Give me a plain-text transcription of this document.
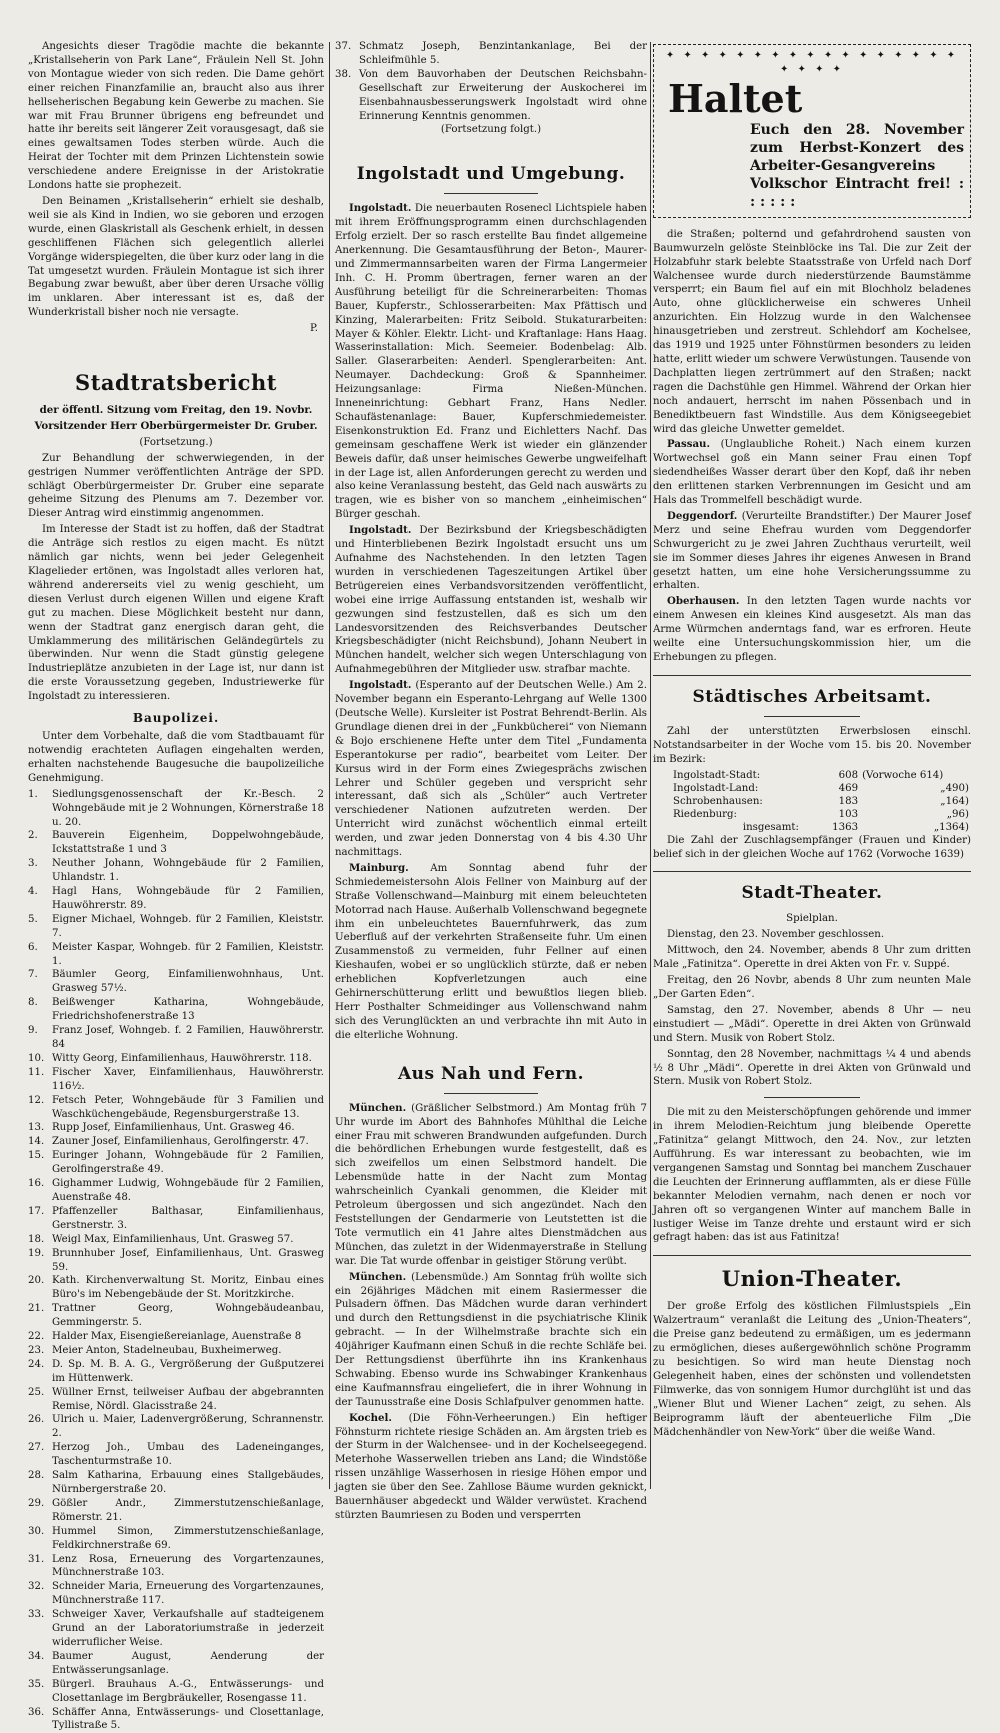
Angesichts dieser Tragödie machte die bekannte „Kristallseherin von Park Lane“, Fräulein Nell St. John von Montague wieder von sich reden. Die Dame gehört einer reichen Finanzfamilie an, braucht also aus ihrer hellseherischen Begabung kein Gewerbe zu machen. Sie war mit Frau Brunner übrigens eng befreundet und hatte ihr bereits seit längerer Zeit vorausgesagt, daß sie eines gewaltsamen Todes sterben würde. Auch die Heirat der Tochter mit dem Prinzen Lichtenstein sowie verschiedene andere Ereignisse in der Aristokratie Londons hatte sie prophezeit.

Den Beinamen „Kristallseherin“ erhielt sie deshalb, weil sie als Kind in Indien, wo sie geboren und erzogen wurde, einen Glaskristall als Geschenk erhielt, in dessen geschliffenen Flächen sich gelegentlich allerlei Vorgänge widerspiegelten, die über kurz oder lang in die Tat umgesetzt wurden. Fräulein Montague ist sich ihrer Begabung zwar bewußt, aber über deren Ursache völlig im unklaren. Aber interessant ist es, daß der Wunderkristall bisher noch nie versagte.

P.
Stadtratsbericht

der öffentl. Sitzung vom Freitag, den 19. Novbr.

Vorsitzender Herr Oberbürgermeister Dr. Gruber.

(Fortsetzung.)

Zur Behandlung der schwerwiegenden, in der gestrigen Nummer veröffentlichten Anträge der SPD. schlägt Oberbürgermeister Dr. Gruber eine separate geheime Sitzung des Plenums am 7. Dezember vor. Dieser Antrag wird einstimmig angenommen.

Im Interesse der Stadt ist zu hoffen, daß der Stadtrat die Anträge sich restlos zu eigen macht. Es nützt nämlich gar nichts, wenn bei jeder Gelegenheit Klagelieder ertönen, was Ingolstadt alles verloren hat, während andererseits viel zu wenig geschieht, um diesen Verlust durch eigenen Willen und eigene Kraft gut zu machen. Diese Möglichkeit besteht nur dann, wenn der Stadtrat ganz energisch daran geht, die Umklammerung des militärischen Geländegürtels zu überwinden. Nur wenn die Stadt günstig gelegene Industrieplätze anzubieten in der Lage ist, nur dann ist die erste Voraussetzung gegeben, Industriewerke für Ingolstadt zu interessieren.

Baupolizei.

Unter dem Vorbehalte, daß die vom Stadtbauamt für notwendig erachteten Auflagen eingehalten werden, erhalten nachstehende Baugesuche die baupolizeiliche Genehmigung.

1.	Siedlungsgenossenschaft der Kr.-Besch. 2 Wohngebäude mit je 2 Wohnungen, Körnerstraße 18 u. 20.
2.	Bauverein Eigenheim, Doppelwohngebäude, Ickstattstraße 1 und 3
3.	Neuther Johann, Wohngebäude für 2 Familien, Uhlandstr. 1.
4.	Hagl Hans, Wohngebäude für 2 Familien, Hauwöhrerstr. 89.
5.	Eigner Michael, Wohngeb. für 2 Familien, Kleiststr. 7.
6.	Meister Kaspar, Wohngeb. für 2 Familien, Kleiststr. 1.
7.	Bäumler Georg, Einfamilienwohnhaus, Unt. Grasweg 57½.
8.	Beißwenger Katharina, Wohngebäude, Friedrichshofenerstraße 13
9.	Franz Josef, Wohngeb. f. 2 Familien, Hauwöhrerstr. 84
10. Witty Georg, Einfamilienhaus, Hauwöhrerstr. 118.
11. Fischer Xaver, Einfamilienhaus, Hauwöhrerstr. 116½.
12. Fetsch Peter, Wohngebäude für 3 Familien und Waschküchengebäude, Regensburgerstraße 13.
13. Rupp Josef, Einfamilienhaus, Unt. Grasweg 46.
14. Zauner Josef, Einfamilienhaus, Gerolfingerstr. 47.
15. Euringer Johann, Wohngebäude für 2 Familien, Gerolfingerstraße 49.
16. Gighammer Ludwig, Wohngebäude für 2 Familien, Auenstraße 48.
17. Pfaffenzeller Balthasar, Einfamilienhaus, Gerstnerstr. 3.
18. Weigl Max, Einfamilienhaus, Unt. Grasweg 57.
19. Brunnhuber Josef, Einfamilienhaus, Unt. Grasweg 59.
20. Kath. Kirchenverwaltung St. Moritz, Einbau eines Büro's im Nebengebäude der St. Moritzkirche.
21. Trattner Georg, Wohngebäudeanbau, Gemmingerstr. 5.
22. Halder Max, Eisengießereianlage, Auenstraße 8
23. Meier Anton, Stadelneubau, Buxheimerweg.
24. D. Sp. M. B. A. G., Vergrößerung der Gußputzerei im Hüttenwerk.
25. Wüllner Ernst, teilweiser Aufbau der abgebrannten Remise, Nördl. Glacisstraße 24.
26. Ulrich u. Maier, Ladenvergrößerung, Schrannenstr. 2.
27. Herzog Joh., Umbau des Ladeneinganges, Taschenturmstraße 10.
28. Salm Katharina, Erbauung eines Stallgebäudes, Nürnbergerstraße 20.
29. Gößler Andr., Zimmerstutzenschießanlage, Römerstr. 21.
30. Hummel Simon, Zimmerstutzenschießanlage, Feldkirchnerstraße 69.
31. Lenz Rosa, Erneuerung des Vorgartenzaunes, Münchnerstraße 103.
32. Schneider Maria, Erneuerung des Vorgartenzaunes, Münchnerstraße 117.
33. Schweiger Xaver, Verkaufshalle auf stadteigenem Grund an der Laboratoriumstraße in jederzeit widerruflicher Weise.
34. Baumer August, Aenderung der Entwässerungsanlage.
35. Bürgerl. Brauhaus A.-G., Entwässerungs- und Closettanlage im Bergbräukeller, Rosengasse 11.
36. Schäffer Anna, Entwässerungs- und Closettanlage, Tyllistraße 5.
37. Schmatz Joseph, Benzintankanlage, Bei der Schleifmühle 5.
38. Von dem Bauvorhaben der Deutschen Reichsbahn-Gesellschaft zur Erweiterung der Auskocherei im Eisenbahnausbesserungswerk Ingolstadt wird ohne Erinnerung Kenntnis genommen.

(Fortsetzung folgt.)

Ingolstadt und Umgebung.

Ingolstadt. Die neuerbauten Rosenecl Lichtspiele haben mit ihrem Eröffnungsprogramm einen durchschlagenden Erfolg erzielt. Der so rasch erstellte Bau findet allgemeine Anerkennung. Die Gesamtausführung der Beton-, Maurer- und Zimmermannsarbeiten waren der Firma Langermeier Inh. C. H. Promm übertragen, ferner waren an der Ausführung beteiligt für die Schreinerarbeiten: Thomas Bauer, Kupferstr., Schlosserarbeiten: Max Pfättisch und Kinzing, Malerarbeiten: Fritz Seibold. Stukaturarbeiten: Mayer & Köhler. Elektr. Licht- und Kraftanlage: Hans Haag. Wasserinstallation: Mich. Seemeier. Bodenbelag: Alb. Saller. Glaserarbeiten: Aenderl. Spenglerarbeiten: Ant. Neumayer. Dachdeckung: Groß & Spannheimer. Heizungsanlage: Firma Nießen-München. Inneneinrichtung: Gebhart Franz, Hans Nedler. Schaufästenanlage: Bauer, Kupferschmiedemeister. Eisenkonstruktion Ed. Franz und Eichletters Nachf. Das gemeinsam geschaffene Werk ist wieder ein glänzender Beweis dafür, daß unser heimisches Gewerbe ungweifelhaft in der Lage ist, allen Anforderungen gerecht zu werden und also keine Veranlassung besteht, das Geld nach auswärts zu tragen, wie es bisher von so manchem „einheimischen“ Bürger geschah.

Ingolstadt. Der Bezirksbund der Kriegsbeschädigten und Hinterbliebenen Bezirk Ingolstadt ersucht uns um Aufnahme des Nachstehenden. In den letzten Tagen wurden in verschiedenen Tageszeitungen Artikel über Betrügereien eines Verbandsvorsitzenden veröffentlicht, wobei eine irrige Auffassung entstanden ist, weshalb wir gezwungen sind festzustellen, daß es sich um den Landesvorsitzenden des Reichsverbandes Deutscher Kriegsbeschädigter (nicht Reichsbund), Johann Neubert in München handelt, welcher sich wegen Unterschlagung von Aufnahmegebühren der Mitglieder usw. strafbar machte.

Ingolstadt. (Esperanto auf der Deutschen Welle.) Am 2. November begann ein Esperanto-Lehrgang auf Welle 1300 (Deutsche Welle). Kursleiter ist Postrat Behrendt-Berlin. Als Grundlage dienen drei in der „Funkbücherei“ von Niemann & Bojo erschienene Hefte unter dem Titel „Fundamenta Esperantokurse per radio“, bearbeitet vom Leiter. Der Kursus wird in der Form eines Zwiegesprächs zwischen Lehrer und Schüler gegeben und verspricht sehr interessant, daß sich als „Schüler“ auch Vertreter verschiedener Nationen aufzutreten werden. Der Unterricht wird zunächst wöchentlich einmal erteilt werden, und zwar jeden Donnerstag von 4 bis 4.30 Uhr nachmittags.

Mainburg. Am Sonntag abend fuhr der Schmiedemeistersohn Alois Fellner von Mainburg auf der Straße Vollenschwand—Mainburg mit einem beleuchteten Motorrad nach Hause. Außerhalb Vollenschwand begegnete ihm ein unbeleuchtetes Bauernfuhrwerk, das zum Ueberfluß auf der verkehrten Straßenseite fuhr. Um einen Zusammenstoß zu vermeiden, fuhr Fellner auf einen Kieshaufen, wobei er so unglücklich stürzte, daß er neben erheblichen Kopfverletzungen auch eine Gehirnerschütterung erlitt und bewußtlos liegen blieb. Herr Posthalter Schmeidinger aus Vollenschwand nahm sich des Verunglückten an und verbrachte ihn mit Auto in die elterliche Wohnung.

Aus Nah und Fern.

München. (Gräßlicher Selbstmord.) Am Montag früh 7 Uhr wurde im Abort des Bahnhofes Mühlthal die Leiche einer Frau mit schweren Brandwunden aufgefunden. Durch die behördlichen Erhebungen wurde festgestellt, daß es sich zweifellos um einen Selbstmord handelt. Die Lebensmüde hatte in der Nacht zum Montag wahrscheinlich Cyankali genommen, die Kleider mit Petroleum übergossen und sich angezündet. Nach den Feststellungen der Gendarmerie von Leutstetten ist die Tote vermutlich ein 41 Jahre altes Dienstmädchen aus München, das zuletzt in der Widenmayerstraße in Stellung war. Die Tat wurde offenbar in geistiger Störung verübt.

München. (Lebensmüde.) Am Sonntag früh wollte sich ein 26jähriges Mädchen mit einem Rasiermesser die Pulsadern öffnen. Das Mädchen wurde daran verhindert und durch den Rettungsdienst in die psychiatrische Klinik gebracht. — In der Wilhelmstraße brachte sich ein 40jähriger Kaufmann einen Schuß in die rechte Schläfe bei. Der Rettungsdienst überführte ihn ins Krankenhaus Schwabing. Ebenso wurde ins Schwabinger Krankenhaus eine Kaufmannsfrau eingeliefert, die in ihrer Wohnung in der Taunusstraße eine Dosis Schlafpulver genommen hatte.

Kochel. (Die Föhn-Verheerungen.) Ein heftiger Föhnsturm richtete riesige Schäden an. Am ärgsten trieb es der Sturm in der Walchensee- und in der Kochelseegegend. Meterhohe Wasserwellen trieben ans Land; die Windstöße rissen unzählige Wasserhosen in riesige Höhen empor und jagten sie über den See. Zahllose Bäume wurden geknickt, Bauernhäuser abgedeckt und Wälder verwüstet. Krachend stürzten Baumriesen zu Boden und versperrten

✦ ✦ ✦ ✦ ✦ ✦ ✦ ✦ ✦ ✦ ✦ ✦ ✦ ✦ ✦ ✦ ✦ ✦ ✦ ✦ ✦
Haltet
Euch den 28. November zum Herbst-Konzert des Arbeiter-Gesangvereins Volkschor Eintracht frei! : : : : : :

die Straßen; polternd und gefahrdrohend sausten von Baumwurzeln gelöste Steinblöcke ins Tal. Die zur Zeit der Holzabfuhr stark belebte Staatsstraße von Urfeld nach Dorf Walchensee wurde durch niederstürzende Baumstämme versperrt; ein Baum fiel auf ein mit Blochholz beladenes Auto, ohne glücklicherweise ein schweres Unheil anzurichten. Ein Holzzug wurde in den Walchensee hinausgetrieben und zerstreut. Schlehdorf am Kochelsee, das 1919 und 1925 unter Föhnstürmen besonders zu leiden hatte, erlitt wieder um schwere Verwüstungen. Tausende von Dachplatten liegen zertrümmert auf den Straßen; nackt ragen die Dachstühle gen Himmel. Während der Orkan hier noch andauert, herrscht im nahen Pössenbach und in Benediktbeuern fast Windstille. Aus dem Königseegebiet wird das gleiche Unwetter gemeldet.

Passau. (Unglaubliche Roheit.) Nach einem kurzen Wortwechsel goß ein Mann seiner Frau einen Topf siedendheißes Wasser derart über den Kopf, daß ihr neben den erlittenen starken Verbrennungen im Gesicht und am Hals das Trommelfell beschädigt wurde.

Deggendorf. (Verurteilte Brandstifter.) Der Maurer Josef Merz und seine Ehefrau wurden vom Deggendorfer Schwurgericht zu je zwei Jahren Zuchthaus verurteilt, weil sie im Sommer dieses Jahres ihr eigenes Anwesen in Brand gesetzt hatten, um eine hohe Versicherungssumme zu erhalten.

Oberhausen. In den letzten Tagen wurde nachts vor einem Anwesen ein kleines Kind ausgesetzt. Als man das Arme Würmchen anderntags fand, war es erfroren. Heute weilte eine Untersuchungskommission hier, um die Erhebungen zu pflegen.

Städtisches Arbeitsamt.

Zahl der unterstützten Erwerbslosen einschl. Notstandsarbeiter in der Woche vom 15. bis 20. November im Bezirk:

Ingolstadt-Stadt:	608	(Vorwoche 614)
Ingolstadt-Land:	469	„ 490)
Schrobenhausen:	183	„ 164)
Riedenburg:	103	„ 96)
insgesamt:	1363	„ 1364)

Die Zahl der Zuschlagsempfänger (Frauen und Kinder) belief sich in der gleichen Woche auf 1762 (Vorwoche 1639)

Stadt-Theater.

Spielplan.

Dienstag, den 23. November geschlossen.

Mittwoch, den 24. November, abends 8 Uhr zum dritten Male „Fatinitza“. Operette in drei Akten von Fr. v. Suppé.

Freitag, den 26 Novbr, abends 8 Uhr zum neunten Male „Der Garten Eden“.

Samstag, den 27. November, abends 8 Uhr — neu einstudiert — „Mädi“. Operette in drei Akten von Grünwald und Stern. Musik von Robert Stolz.

Sonntag, den 28 November, nachmittags ¼ 4 und abends ½ 8 Uhr „Mädi“. Operette in drei Akten von Grünwald und Stern. Musik von Robert Stolz.

Die mit zu den Meisterschöpfungen gehörende und immer in ihrem Melodien-Reichtum jung bleibende Operette „Fatinitza“ gelangt Mittwoch, den 24. Nov., zur letzten Aufführung. Es war interessant zu beobachten, wie im vergangenen Samstag und Sonntag bei manchem Zuschauer die Leuchten der Erinnerung aufflammten, als er diese Fülle bekannter Melodien vernahm, nach denen er noch vor Jahren oft so vergangenen Winter auf manchem Balle in lustiger Weise im Tanze drehte und erstaunt wird er sich gefragt haben: das ist aus Fatinitza!

Union-Theater.

Der große Erfolg des köstlichen Filmlustspiels „Ein Walzertraum“ veranlaßt die Leitung des „Union-Theaters“, die Preise ganz bedeutend zu ermäßigen, um es jedermann zu ermöglichen, dieses außergewöhnlich schöne Programm zu besichtigen. So wird man heute Dienstag noch Gelegenheit haben, eines der schönsten und vollendetsten Filmwerke, das von sonnigem Humor durchglüht ist und das „Wiener Blut und Wiener Lachen“ zeigt, zu sehen. Als Beiprogramm läuft der abenteuerliche Film „Die Mädchenhändler von New-York“ über die weiße Wand.
